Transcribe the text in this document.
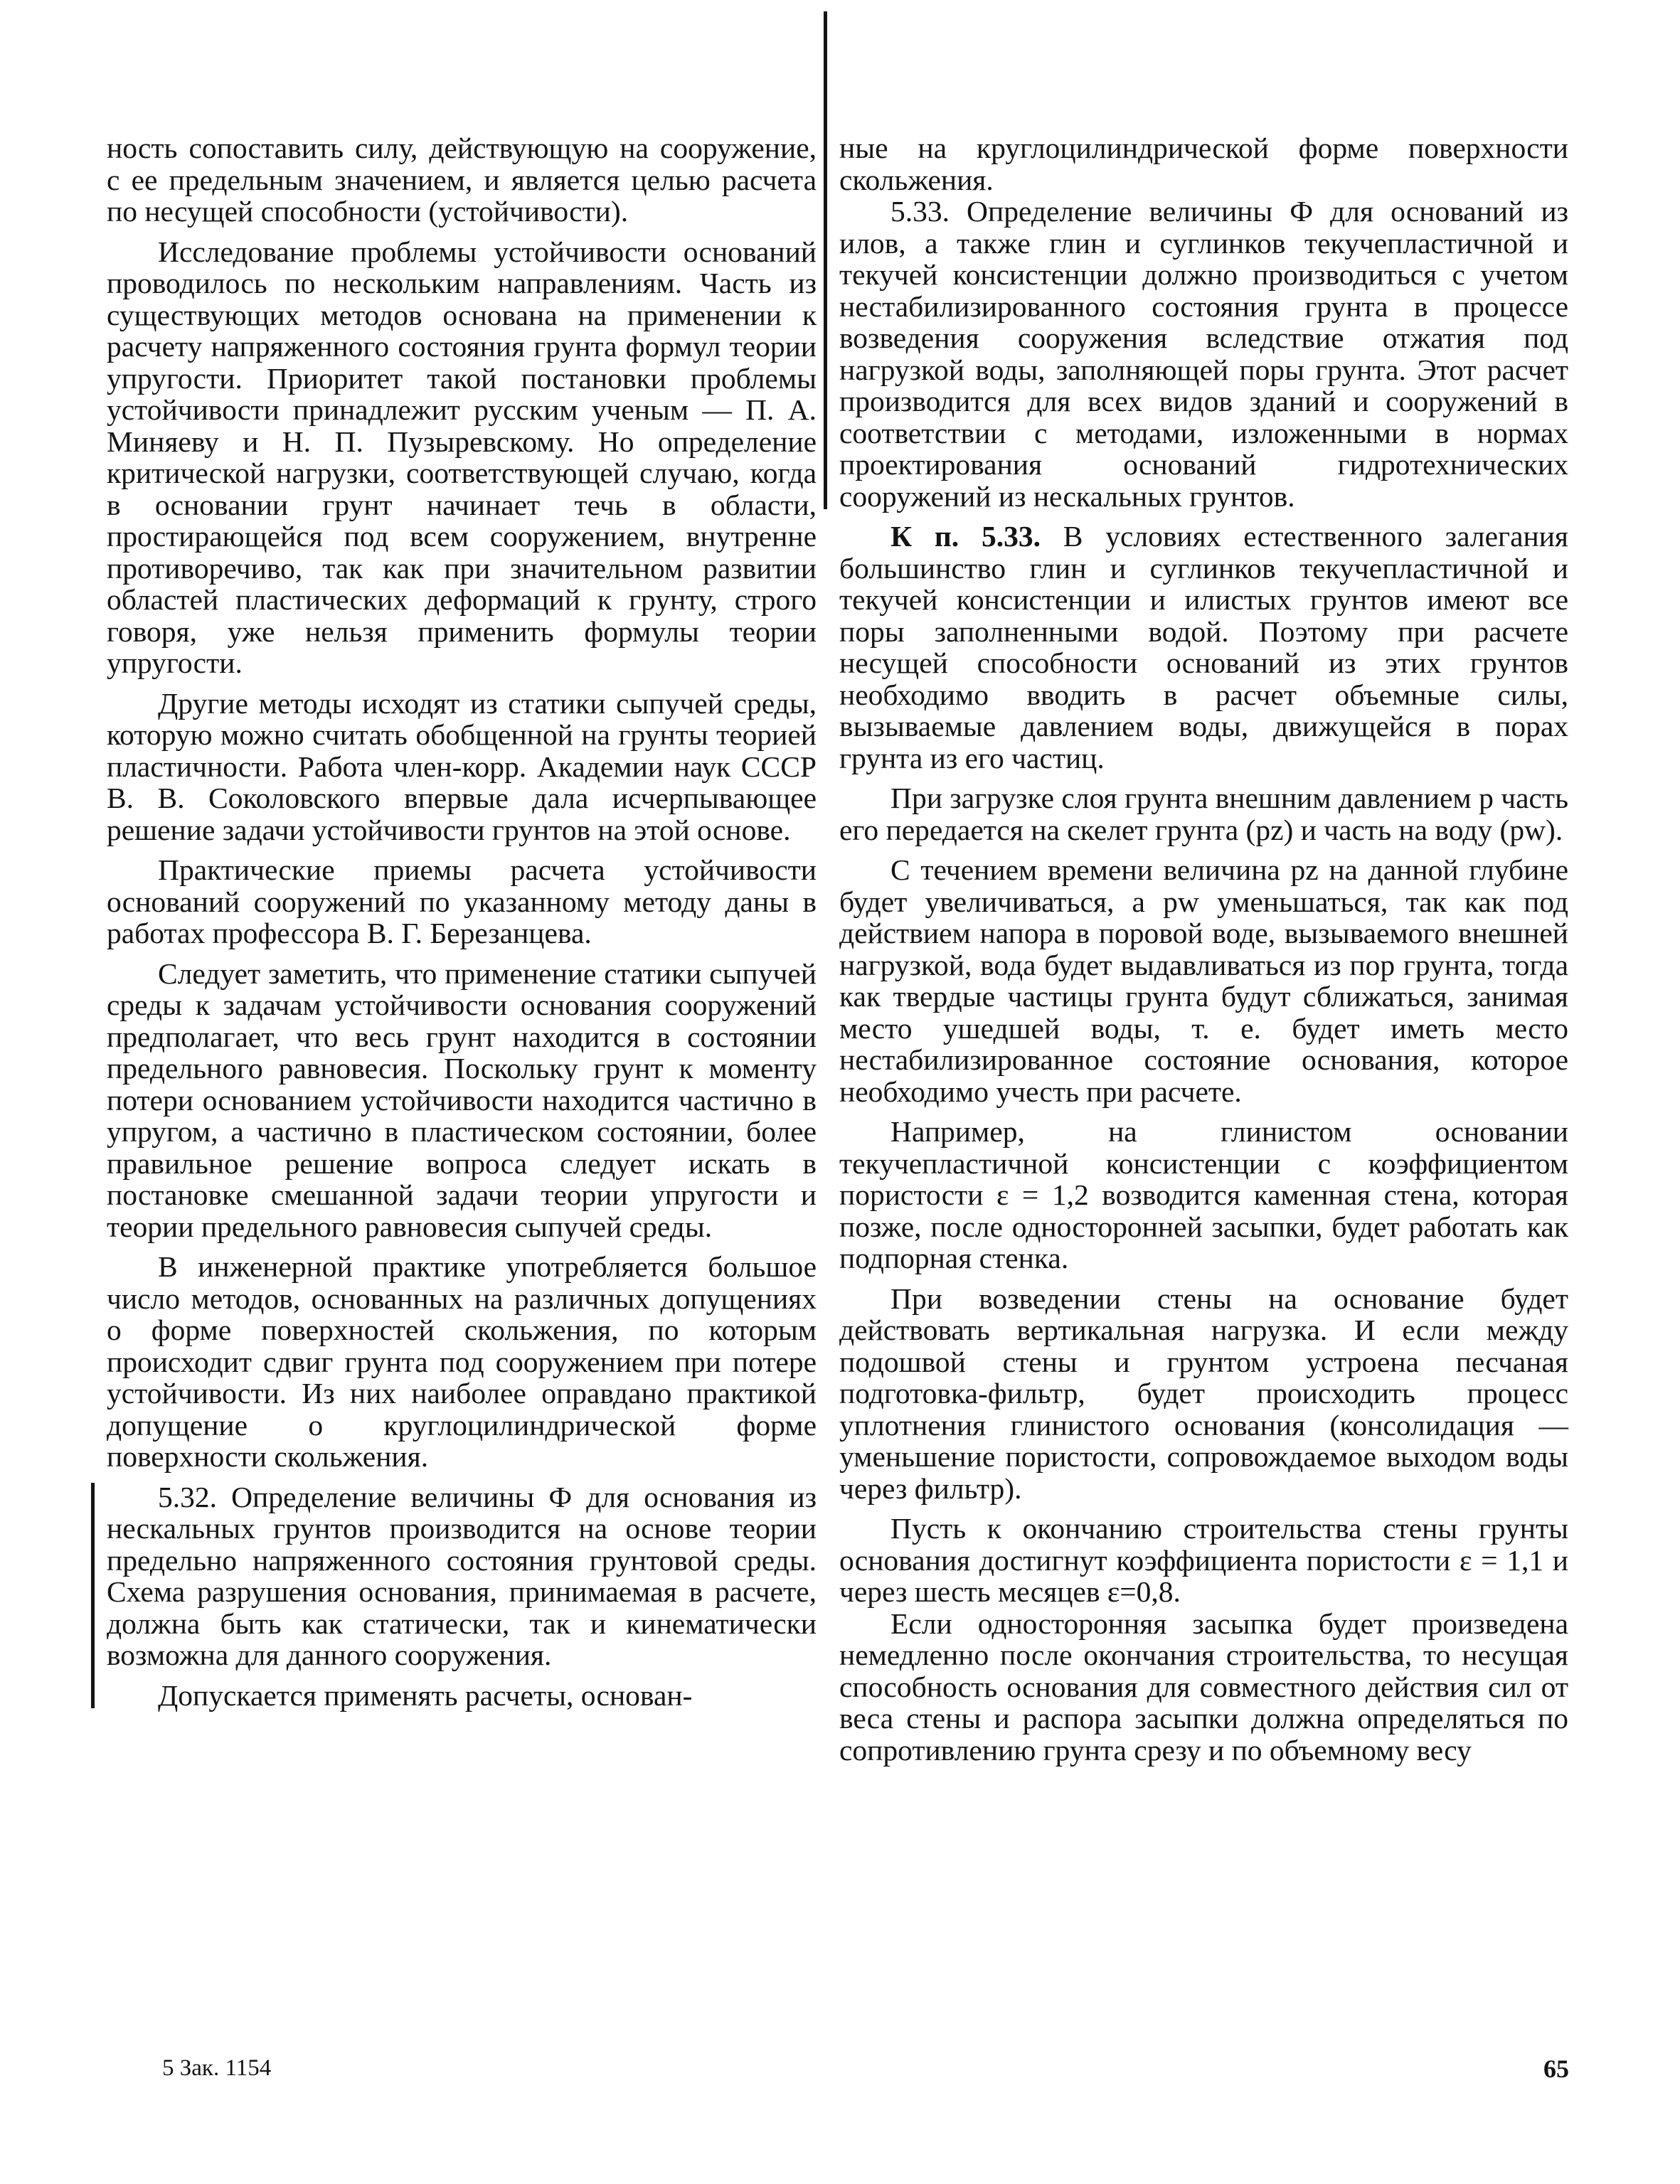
ность сопоставить силу, действующую на сооружение, с ее предельным значением, и является целью расчета по несущей способности (устойчивости).

Исследование проблемы устойчивости оснований проводилось по нескольким направлениям. Часть из существующих методов основана на применении к расчету напряженного состояния грунта формул теории упругости. Приоритет такой постановки проблемы устойчивости принадлежит русским ученым — П. А. Миняеву и Н. П. Пузыревскому. Но определение критической нагрузки, соответствующей случаю, когда в основании грунт начинает течь в области, простирающейся под всем сооружением, внутренне противоречиво, так как при значительном развитии областей пластических деформаций к грунту, строго говоря, уже нельзя применить формулы теории упругости.

Другие методы исходят из статики сыпучей среды, которую можно считать обобщенной на грунты теорией пластичности. Работа член-корр. Академии наук СССР В. В. Соколовского впервые дала исчерпывающее решение задачи устойчивости грунтов на этой основе.

Практические приемы расчета устойчивости оснований сооружений по указанному методу даны в работах профессора В. Г. Березанцева.

Следует заметить, что применение статики сыпучей среды к задачам устойчивости основания сооружений предполагает, что весь грунт находится в состоянии предельного равновесия. Поскольку грунт к моменту потери основанием устойчивости находится частично в упругом, а частично в пластическом состоянии, более правильное решение вопроса следует искать в постановке смешанной задачи теории упругости и теории предельного равновесия сыпучей среды.

В инженерной практике употребляется большое число методов, основанных на различных допущениях о форме поверхностей скольжения, по которым происходит сдвиг грунта под сооружением при потере устойчивости. Из них наиболее оправдано практикой допущение о круглоцилиндрической форме поверхности скольжения.

5.32. Определение величины Ф для основания из нескальных грунтов производится на основе теории предельно напряженного состояния грунтовой среды. Схема разрушения основания, принимаемая в расчете, должна быть как статически, так и кинематически возможна для данного сооружения.

Допускается применять расчеты, основан-

ные на круглоцилиндрической форме поверхности скольжения.

5.33. Определение величины Ф для оснований из илов, а также глин и суглинков текучепластичной и текучей консистенции должно производиться с учетом нестабилизированного состояния грунта в процессе возведения сооружения вследствие отжатия под нагрузкой воды, заполняющей поры грунта. Этот расчет производится для всех видов зданий и сооружений в соответствии с методами, изложенными в нормах проектирования оснований гидротехнических сооружений из нескальных грунтов.

К п. 5.33. В условиях естественного залегания большинство глин и суглинков текучепластичной и текучей консистенции и илистых грунтов имеют все поры заполненными водой. Поэтому при расчете несущей способности оснований из этих грунтов необходимо вводить в расчет объемные силы, вызываемые давлением воды, движущейся в порах грунта из его частиц.

При загрузке слоя грунта внешним давлением p часть его передается на скелет грунта (pz) и часть на воду (pw).

С течением времени величина pz на данной глубине будет увеличиваться, а pw уменьшаться, так как под действием напора в поровой воде, вызываемого внешней нагрузкой, вода будет выдавливаться из пор грунта, тогда как твердые частицы грунта будут сближаться, занимая место ушедшей воды, т. е. будет иметь место нестабилизированное состояние основания, которое необходимо учесть при расчете.

Например, на глинистом основании текучепластичной консистенции с коэффициентом пористости ε = 1,2 возводится каменная стена, которая позже, после односторонней засыпки, будет работать как подпорная стенка.

При возведении стены на основание будет действовать вертикальная нагрузка. И если между подошвой стены и грунтом устроена песчаная подготовка-фильтр, будет происходить процесс уплотнения глинистого основания (консолидация — уменьшение пористости, сопровождаемое выходом воды через фильтр).

Пусть к окончанию строительства стены грунты основания достигнут коэффициента пористости ε = 1,1 и через шесть месяцев ε=0,8.

Если односторонняя засыпка будет произведена немедленно после окончания строительства, то несущая способность основания для совместного действия сил от веса стены и распора засыпки должна определяться по сопротивлению грунта срезу и по объемному весу

5 Зак. 1154	65
